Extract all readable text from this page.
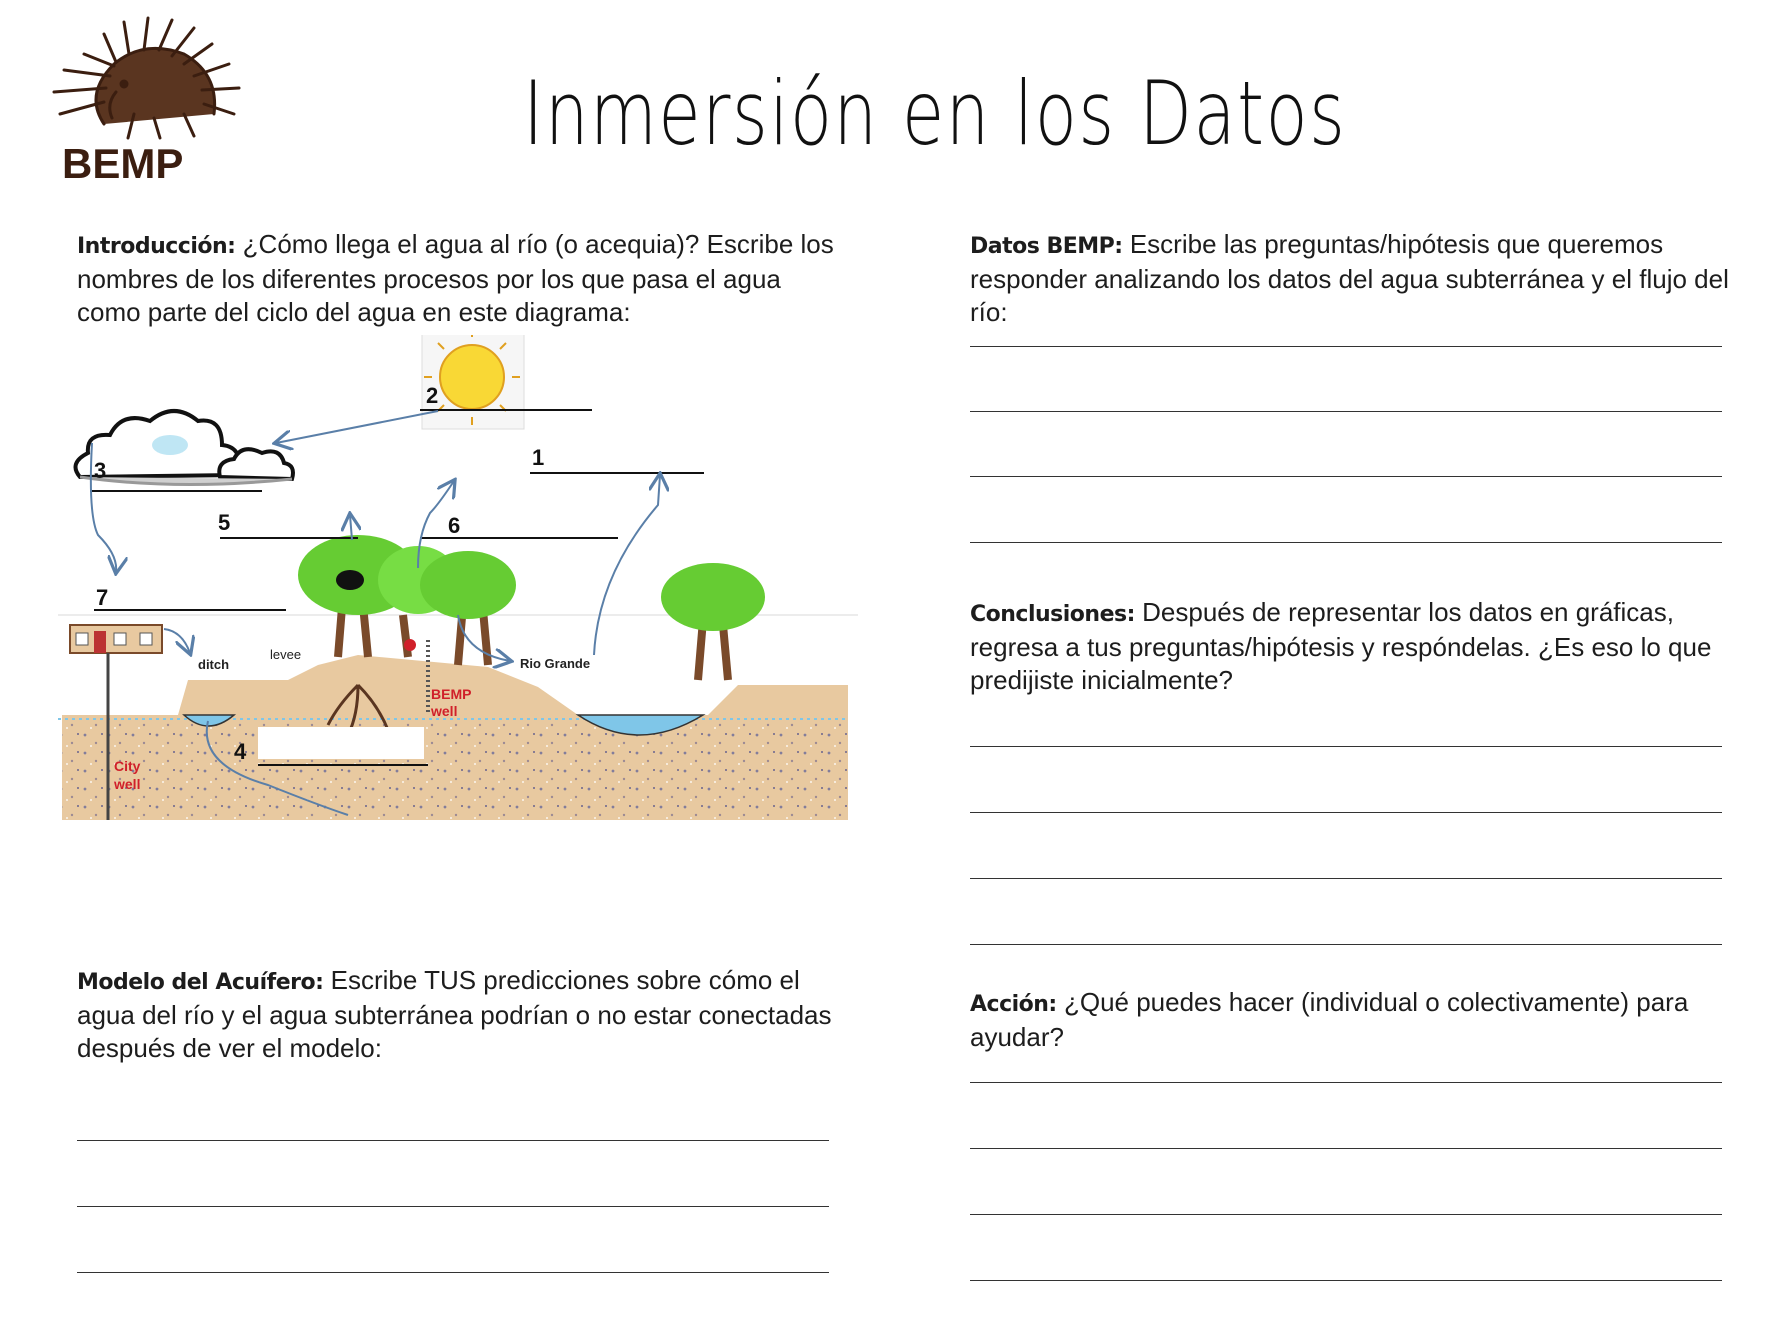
BEMP	Inmersión en los Datos
Introducción: ¿Cómo llega el agua al río (o acequia)? Escribe los nombres de los diferentes procesos por los que pasa el agua como parte del ciclo del agua en este diagrama:
1
2
3
4
5	6
7
ditch
levee
Rio Grande
BEMP
well
City
well
Modelo del Acuífero: Escribe TUS predicciones sobre cómo el agua del río y el agua subterránea podrían o no estar conectadas después de ver el modelo:
Datos BEMP: Escribe las preguntas/hipótesis que queremos responder analizando los datos del agua subterránea y el flujo del río:
Conclusiones: Después de representar los datos en gráficas, regresa a tus preguntas/hipótesis y respóndelas. ¿Es eso lo que predijiste inicialmente?
Acción: ¿Qué puedes hacer (individual o colectivamente) para ayudar?
